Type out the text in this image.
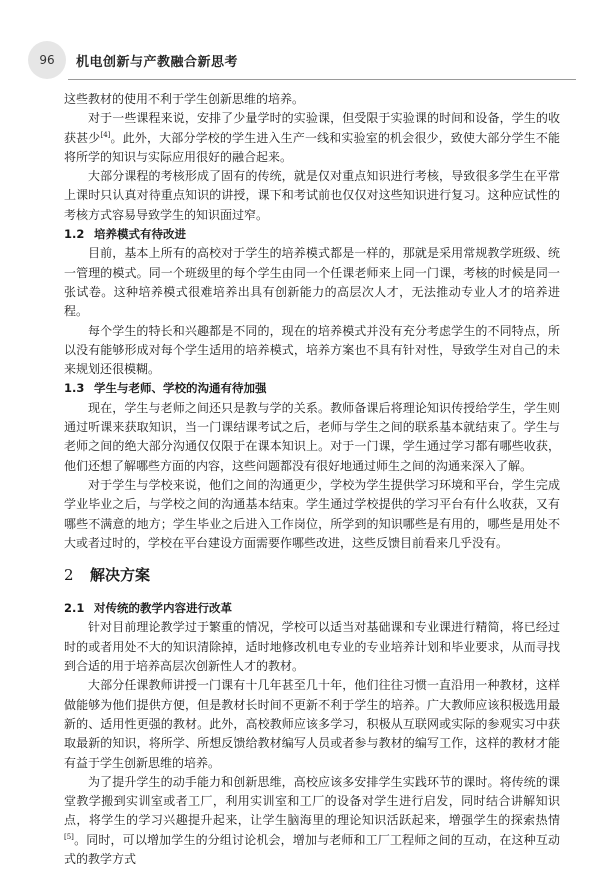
96	机电创新与产教融合新思考

这些教材的使用不利于学生创新思维的培养。

对于一些课程来说，安排了少量学时的实验课，但受限于实验课的时间和设备，学生的收获甚少[4]。此外，大部分学校的学生进入生产一线和实验室的机会很少，致使大部分学生不能将所学的知识与实际应用很好的融合起来。

大部分课程的考核形成了固有的传统，就是仅对重点知识进行考核，导致很多学生在平常上课时只认真对待重点知识的讲授，课下和考试前也仅仅对这些知识进行复习。这种应试性的考核方式容易导致学生的知识面过窄。

1.2 培养模式有待改进

目前，基本上所有的高校对于学生的培养模式都是一样的，那就是采用常规教学班级、统一管理的模式。同一个班级里的每个学生由同一个任课老师来上同一门课，考核的时候是同一张试卷。这种培养模式很难培养出具有创新能力的高层次人才，无法推动专业人才的培养进程。

每个学生的特长和兴趣都是不同的，现在的培养模式并没有充分考虑学生的不同特点，所以没有能够形成对每个学生适用的培养模式，培养方案也不具有针对性，导致学生对自己的未来规划还很模糊。

1.3 学生与老师、学校的沟通有待加强

现在，学生与老师之间还只是教与学的关系。教师备课后将理论知识传授给学生，学生则通过听课来获取知识，当一门课结课考试之后，老师与学生之间的联系基本就结束了。学生与老师之间的绝大部分沟通仅仅限于在课本知识上。对于一门课，学生通过学习都有哪些收获，他们还想了解哪些方面的内容，这些问题都没有很好地通过师生之间的沟通来深入了解。

对于学生与学校来说，他们之间的沟通更少，学校为学生提供学习环境和平台，学生完成学业毕业之后，与学校之间的沟通基本结束。学生通过学校提供的学习平台有什么收获，又有哪些不满意的地方；学生毕业之后进入工作岗位，所学到的知识哪些是有用的，哪些是用处不大或者过时的，学校在平台建设方面需要作哪些改进，这些反馈目前看来几乎没有。

2 解决方案
2.1 对传统的教学内容进行改革

针对目前理论教学过于繁重的情况，学校可以适当对基础课和专业课进行精简，将已经过时的或者用处不大的知识清除掉，适时地修改机电专业的专业培养计划和毕业要求，从而寻找到合适的用于培养高层次创新性人才的教材。

大部分任课教师讲授一门课有十几年甚至几十年，他们往往习惯一直沿用一种教材，这样做能够为他们提供方便，但是教材长时间不更新不利于学生的培养。广大教师应该积极选用最新的、适用性更强的教材。此外，高校教师应该多学习，积极从互联网或实际的参观实习中获取最新的知识，将所学、所想反馈给教材编写人员或者参与教材的编写工作，这样的教材才能有益于学生创新思维的培养。

为了提升学生的动手能力和创新思维，高校应该多安排学生实践环节的课时。将传统的课堂教学搬到实训室或者工厂，利用实训室和工厂的设备对学生进行启发，同时结合讲解知识点，将学生的学习兴趣提升起来，让学生脑海里的理论知识活跃起来，增强学生的探索热情[5]。同时，可以增加学生的分组讨论机会，增加与老师和工厂工程师之间的互动，在这种互动式的教学方式
